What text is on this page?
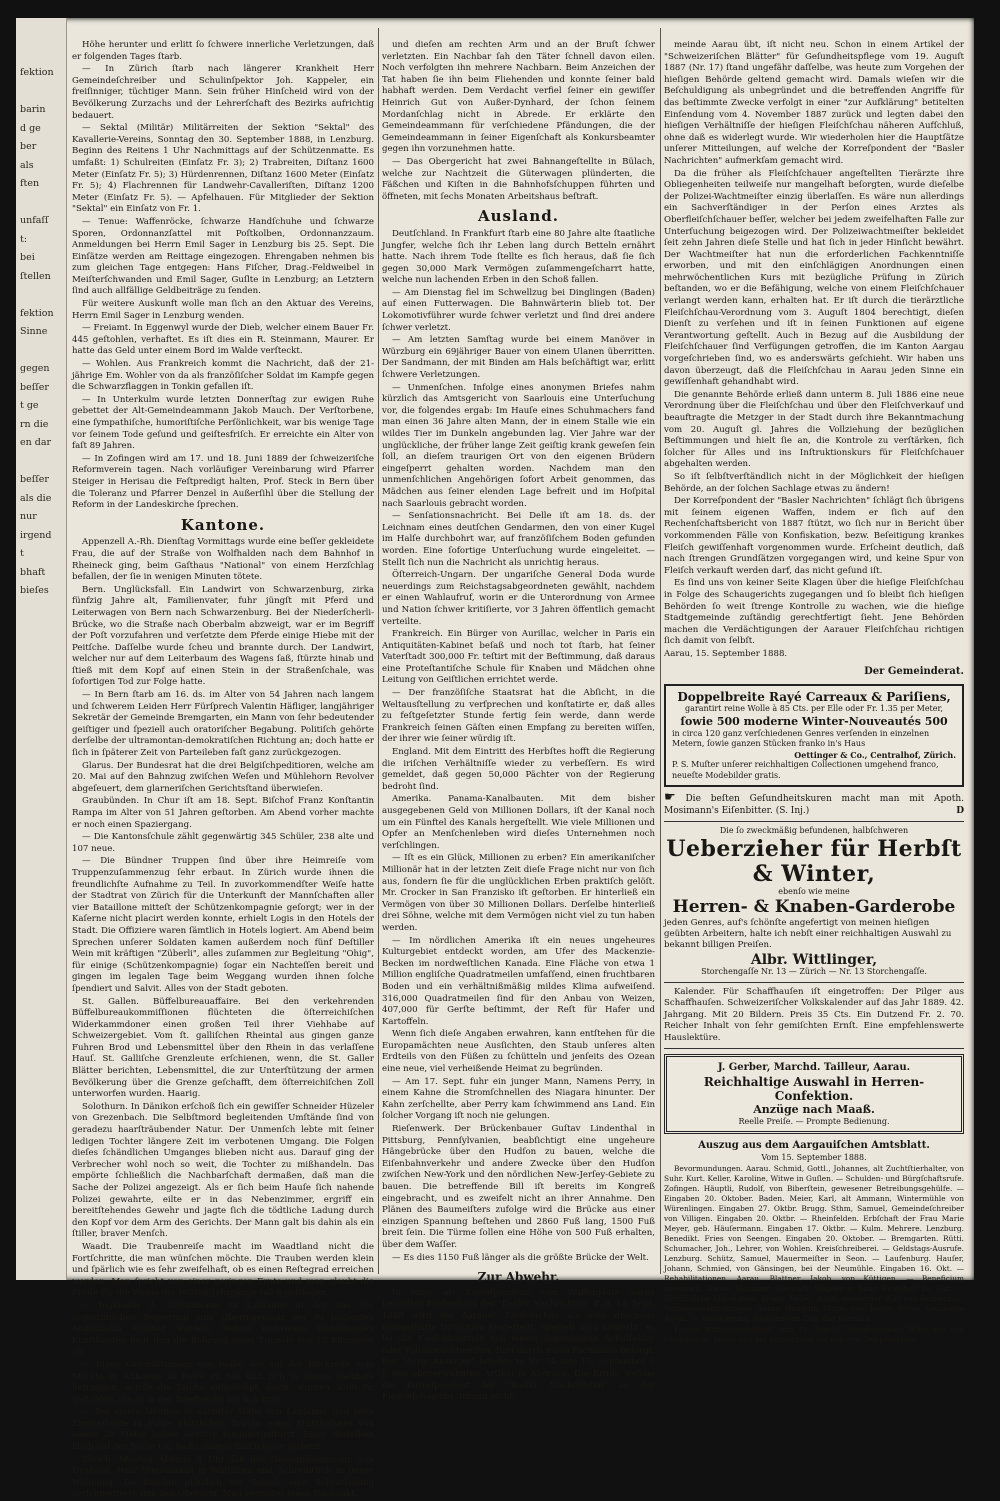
fektion

barin
d ge
ber
als
ften

unfaſſ
t:
bei
ſtellen

fektion
Sinne

gegen
beſſer
t ge
rn die
en dar

beſſer
als die
nur
irgend
t
bhaft
bieſes

Höhe herunter und erlitt ſo ſchwere innerliche Verletzungen, daß er folgenden Tages ſtarb.

— In Zürich ſtarb nach längerer Krankheit Herr Gemeindeſchreiber und Schulinſpektor Joh. Kappeler, ein freiſinniger, tüchtiger Mann. Sein früher Hinſcheid wird von der Bevölkerung Zurzachs und der Lehrerſchaft des Bezirks aufrichtig bedauert.

— Sektal (Militär) Militärreiten der Sektion "Sektal" des Kavallerie-Vereins, Sonntag den 30. September 1888, in Lenzburg. Beginn des Reitens 1 Uhr Nachmittags auf der Schützenmatte. Es umfaßt: 1) Schulreiten (Einſatz Fr. 3); 2) Trabreiten, Diſtanz 1600 Meter (Einſatz Fr. 5); 3) Hürdenrennen, Diſtanz 1600 Meter (Einſatz Fr. 5); 4) Flachrennen für Landwehr-Cavalleriſten, Diſtanz 1200 Meter (Einſatz Fr. 5). — Apfelhauen. Für Mitglieder der Sektion "Sektal" ein Einſatz von Fr. 1.

— Tenue: Waffenröcke, ſchwarze Handſchuhe und ſchwarze Sporen, Ordonnanzſattel mit Poſtkolben, Ordonnanzzaum. Anmeldungen bei Herrn Emil Sager in Lenzburg bis 25. Sept. Die Einſätze werden am Reittage eingezogen. Ehrengaben nehmen bis zum gleichen Tage entgegen: Hans Fiſcher, Drag.-Feldweibel in Meiſterſchwanden und Emil Sager, Guſlte in Lenzburg; an Letztern ſind auch allfällige Geldbeiträge zu ſenden.

Für weitere Auskunft wolle man ſich an den Aktuar des Vereins, Herrn Emil Sager in Lenzburg wenden.

— Freiamt. In Eggenwyl wurde der Dieb, welcher einem Bauer Fr. 445 geſtohlen, verhaftet. Es iſt dies ein R. Steinmann, Maurer. Er hatte das Geld unter einem Bord im Walde verſteckt.

— Wohlen. Aus Frankreich kommt die Nachricht, daß der 21-jährige Em. Wohler von da als franzöſiſcher Soldat im Kampfe gegen die Schwarzflaggen in Tonkin gefallen iſt.

— In Unterkulm wurde letzten Donnerſtag zur ewigen Ruhe gebettet der Alt-Gemeindeammann Jakob Mauch. Der Verſtorbene, eine ſympathiſche, humoriſtiſche Perſönlichkeit, war bis wenige Tage vor ſeinem Tode geſund und geiſtesfriſch. Er erreichte ein Alter von faſt 89 Jahren.

— In Zofingen wird am 17. und 18. Juni 1889 der ſchweizeriſche Reformverein tagen. Nach vorläufiger Vereinbarung wird Pfarrer Steiger in Herisau die Feſtpredigt halten, Prof. Steck in Bern über die Toleranz und Pfarrer Denzel in Außerſihl über die Stellung der Reform in der Landeskirche ſprechen.

Kantone.

Appenzell A.-Rh. Dienſtag Vormittags wurde eine beſſer gekleidete Frau, die auf der Straße von Wolfhalden nach dem Bahnhof in Rheineck ging, beim Gaſthaus "National" von einem Herzſchlag befallen, der ſie in wenigen Minuten tötete.

Bern. Unglücksfall. Ein Landwirt von Schwarzenburg, zirka fünfzig Jahre alt, Familienvater, fuhr jüngſt mit Pferd und Leiterwagen von Bern nach Schwarzenburg. Bei der Niederſcherli-Brücke, wo die Straße nach Oberbalm abzweigt, war er im Begriff der Poſt vorzufahren und verſetzte dem Pferde einige Hiebe mit der Peitſche. Daſſelbe wurde ſcheu und brannte durch. Der Landwirt, welcher nur auf dem Leiterbaum des Wagens ſaß, ſtürzte hinab und ſtieß mit dem Kopf auf einen Stein in der Straßenſchale, was ſofortigen Tod zur Folge hatte.

— In Bern ſtarb am 16. ds. im Alter von 54 Jahren nach langem und ſchwerem Leiden Herr Fürſprech Valentin Häfliger, langjähriger Sekretär der Gemeinde Bremgarten, ein Mann von ſehr bedeutender geiſtiger und ſpeziell auch oratoriſcher Begabung. Politiſch gehörte derſelbe der ultramontan-demokratiſchen Richtung an; doch hatte er ſich in ſpäterer Zeit von Parteileben faſt ganz zurückgezogen.

Glarus. Der Bundesrat hat die drei Belgiſchpeditioren, welche am 20. Mai auf den Bahnzug zwiſchen Weſen und Mühlehorn Revolver abgeſeuert, dem glarneriſchen Gerichtsſtand überwieſen.

Graubünden. In Chur iſt am 18. Sept. Biſchof Franz Konſtantin Rampa im Alter von 51 Jahren geſtorben. Am Abend vorher machte er noch einen Spaziergang.

— Die Kantonsſchule zählt gegenwärtig 345 Schüler, 238 alte und 107 neue.

— Die Bündner Truppen ſind über ihre Heimreiſe vom Truppenzuſammenzug ſehr erbaut. In Zürich wurde ihnen die freundlichſte Aufnahme zu Teil. In zuvorkommendſter Weiſe hatte der Stadtrat von Zürich für die Unterkunft der Mannſchaften aller vier Bataillone mitteſt der Schützenkompagnie geſorgt; wer in der Kaſerne nicht placirt werden konnte, erhielt Logis in den Hotels der Stadt. Die Offiziere waren ſämtlich in Hotels logiert. Am Abend beim Sprechen unſerer Soldaten kamen außerdem noch fünf Deſtiller Wein mit kräftigen "Züberli", alles zuſammen zur Begleitung "Ohig", für einige (Schützenkompagnie) ſogar ein Nachteſſen bereit und gingen im legalen Tage beim Weggang wurden ihnen ſolche ſpendiert und Salvit. Alles von der Stadt geboten.

St. Gallen. Büffelbureauaffaire. Bei den verkehrenden Büffelbureaukommiſſionen flüchteten die öſterreichiſchen Widerkammdoner einen großen Teil ihrer Viehhabe auf Schweizergebiet. Vom ſt. galliſchen Rheintal aus gingen ganze Fuhren Brod und Lebensmittel über den Rhein in das verlaſſene Hauſ. St. Galliſche Grenzleute erſchienen, wenn, die St. Galler Blätter berichten, Lebensmittel, die zur Unterſtützung der armen Bevölkerung über die Grenze geſchafft, dem öſterreichiſchen Zoll unterworfen wurden. Haarig.

Solothurn. In Dänikon erſchoß ſich ein gewiſſer Schneider Hüzeler von Grezenbach. Die Selbſtmord begleitenden Umſtände ſind von geradezu haarſträubender Natur. Der Unmenſch lebte mit ſeiner ledigen Tochter längere Zeit im verbotenen Umgang. Die Folgen dieſes ſchändlichen Umganges blieben nicht aus. Darauf ging der Verbrecher wohl noch so weit, die Tochter zu mißhandeln. Das empörte ſchließlich die Nachbarſchaft dermaßen, daß man die Sache der Polizei angezeigt. Als er ſich beim Hauſe ſich nahende Polizei gewahrte, eilte er in das Nebenzimmer, ergriff ein bereitſtehendes Gewehr und jagte ſich die tödtliche Ladung durch den Kopf vor dem Arm des Gerichts. Der Mann galt bis dahin als ein ſtiller, braver Menſch.

Waadt. Die Traubenreiſe macht im Waadtland nicht die Fortſchritte, die man wünſchen möchte. Die Trauben werden klein und ſpärlich wie es ſehr zweifelhaft, ob es einen Reſtegrad erreichen werden. Man ſpricht von einer geringen Ernte und man glaubt die Preiſe für die Weine der letzten Jahrgänge raſch geſtiegen.

— Ingenieur A. Schatzmann zu Lauſanne iſt der von der argentiniſchen Regierung zum Oberingenieur der zu bauenden Andenbahn ernannt worden. Neben mehrerem bedeutenden Kunſtbauten liegt ihm die Bohrung eines Tunnels von 12 Kilometer ob.

— Einen Geſchäftsmann von Rolle, der auf der Rückreiſe vom Markte in Aubonne in Bière zu tun und ſich in einem Gaſthofe betrunken, wurde die Taſche aufgeſtülpt, darin, wurden 3000 Fr. geſtohlen, die er in der Brieftaſche bei ſich trug.

— Bei einem Neubau in nächſter Nähe von Lauſanne ſind zehn Zimmerleute in Folge plötzlichen Bruchs eines Stützbalkens von einem 20 Meter hohen Gerüſte hinuntergeſtürzt. Einer derſelben blieb auf der Stelle tot, ſechs andere ſind ſchwer verletzt.

Zürich. Montag Abends 8 Uhr ſaß der Gemeindeammann von Dynhard, Herr Steinemann in Waltſiken und Schreibtiſch in ſeiner Wohnung. Da krachte plötzlich ein Schuß; eine Schrotladung zerſchmetterte ihm den Oberarm. Man vermutet einen Racheakt.

und dieſen am rechten Arm und an der Bruſt ſchwer verletzten. Ein Nachbar ſah den Täter ſchnell davon eilen. Noch verfolgten ihn mehrere Nachbarn. Beim Anzeichen der Tat haben ſie ihn beim Fliehenden und konnte ſeiner bald habhaft werden. Dem Verdacht verfiel ſeiner ein gewiſſer Heinrich Gut von Außer-Dynhard, der ſchon ſeinem Mordanſchlag nicht in Abrede. Er erklärte den Gemeindeammann für verſchiedene Pfändungen, die der Gemeindeammann in ſeiner Eigenſchaft als Konkursbeamter gegen ihn vorzunehmen hatte.

— Das Obergericht hat zwei Bahnangeſtellte in Bülach, welche zur Nachtzeit die Güterwagen plünderten, die Fäßchen und Kiſten in die Bahnhofsſchuppen führten und öffneten, mit ſechs Monaten Arbeitshaus beſtraft.

Ausland.

Deutſchland. In Frankfurt ſtarb eine 80 Jahre alte ſtaatliche Jungfer, welche ſich ihr Leben lang durch Betteln ernährt hatte. Nach ihrem Tode ſtellte es ſich heraus, daß ſie ſich gegen 30,000 Mark Vermögen zuſammengeſcharrt hatte, welche nun lachenden Erben in den Schoß fallen.

— Am Dienstag fiel im Schwellzug bei Dinglingen (Baden) auf einen Futterwagen. Die Bahnwärterin blieb tot. Der Lokomotivführer wurde ſchwer verletzt und ſind drei andere ſchwer verletzt.

— Am letzten Samſtag wurde bei einem Manöver in Würzburg ein 69jähriger Bauer von einem Ulanen überritten. Der Sandmann, der mit Binden am Hals beſchäftigt war, erlitt ſchwere Verletzungen.

— Unmenſchen. Infolge eines anonymen Briefes nahm kürzlich das Amtsgericht von Saarlouis eine Unterſuchung vor, die folgendes ergab: Im Hauſe eines Schuhmachers fand man einen 36 Jahre alten Mann, der in einem Stalle wie ein wildes Tier im Dunkeln angebunden lag. Vier Jahre war der unglückliche, der früher lange Zeit geiſtig krank geweſen ſein ſoll, an dieſem traurigen Ort von den eigenen Brüdern eingeſperrt gehalten worden. Nachdem man den unmenſchlichen Angehörigen ſofort Arbeit genommen, das Mädchen aus ſeiner elenden Lage befreit und im Hoſpital nach Saarlouis gebracht worden.

— Senſationsnachricht. Bei Delle iſt am 18. ds. der Leichnam eines deutſchen Gendarmen, den von einer Kugel im Halſe durchbohrt war, auf franzöſiſchem Boden gefunden worden. Eine ſofortige Unterſuchung wurde eingeleitet. — Stellt ſich nun die Nachricht als unrichtig heraus.

Öſterreich-Ungarn. Der ungariſche General Doda wurde neuerdings zum Reichstagsabgeordneten gewählt, nachdem er einen Wahlaufruf, worin er die Unterordnung von Armee und Nation ſchwer kritiſierte, vor 3 Jahren öffentlich gemacht verteilte.

Frankreich. Ein Bürger von Aurillac, welcher in Paris ein Antiquitäten-Kabinet beſaß und noch tot ſtarb, hat ſeiner Vaterſtadt 300,000 Fr. teſtirt mit der Beſtimmung, daß daraus eine Proteſtantiſche Schule für Knaben und Mädchen ohne Leitung von Geiſtlichen errichtet werde.

— Der franzöſiſche Staatsrat hat die Abſicht, in die Weltausſtellung zu verſprechen und konſtatirte er, daß alles zu feſtgeſetzter Stunde fertig ſein werde, dann werde Frankreich ſeinen Gäſten einen Empfang zu bereiten wiſſen, der ihrer wie ſeiner würdig iſt.

England. Mit dem Eintritt des Herbſtes hofft die Regierung die iriſchen Verhältniſſe wieder zu verbeſſern. Es wird gemeldet, daß gegen 50,000 Pächter von der Regierung bedroht ſind.

Amerika. Panama-Kanalbauten. Mit dem bisher ausgegebenen Geld von Millionen Dollars, iſt der Kanal noch um ein Fünftel des Kanals hergeſtellt. Wie viele Millionen und Opfer an Menſchenleben wird dieſes Unternehmen noch verſchlingen.

— Iſt es ein Glück, Millionen zu erben? Ein amerikaniſcher Millionär hat in der letzten Zeit dieſe Frage nicht nur von ſich aus, ſondern ſie für die unglücklichen Erben praktiſch gelöſt. Mr. Crocker in San Franzisko iſt geſtorben. Er hinterließ ein Vermögen von über 30 Millionen Dollars. Derſelbe hinterließ drei Söhne, welche mit dem Vermögen nicht viel zu tun haben werden.

— Im nördlichen Amerika iſt ein neues ungeheures Kulturgebiet entdeckt worden, am Ufer des Mackenzie-Becken im nordweſtlichen Kanada. Eine Fläche von etwa 1 Million engliſche Quadratmeilen umfaſſend, einen fruchtbaren Boden und ein verhältnißmäßig mildes Klima aufweiſend. 316,000 Quadratmeilen ſind für den Anbau von Weizen, 407,000 für Gerſte beſtimmt, der Reſt für Hafer und Kartoffeln.

Wenn ſich dieſe Angaben erwahren, kann entſtehen für die Europamächten neue Ausſichten, den Staub unſeres alten Erdteils von den Füßen zu ſchütteln und jenſeits des Ozean eine neue, viel verheißende Heimat zu begründen.

— Am 17. Sept. fuhr ein junger Mann, Namens Perry, in einem Kahne die Stromſchnellen des Niagara hinunter. Der Kahn zerſchellte, aber Perry kam ſchwimmend ans Land. Ein ſolcher Vorgang iſt noch nie gelungen.

Rieſenwerk. Der Brückenbauer Guſtav Lindenthal in Pittsburg, Pennſylvanien, beabſichtigt eine ungeheure Hängebrücke über den Hudſon zu bauen, welche die Eiſenbahnverkehr und andere Zwecke über den Hudſon zwiſchen New-York und den nördlichen New-Jerſey-Gebiete zu bauen. Die betreffende Bill iſt bereits im Kongreß eingebracht, und es zweifelt nicht an ihrer Annahme. Den Plänen des Baumeiſters zufolge wird die Brücke aus einer einzigen Spannung beſtehen und 2860 Fuß lang, 1500 Fuß breit ſein. Die Türme ſollen eine Höhe von 500 Fuß erhalten, über dem Waſſer.

— Es dies 1150 Fuß länger als die größte Brücke der Welt.

Zur Abwehr.

In einer als Korreſpondenz vom Waffenplatz Aarau betitelten Einſendung der "Basler Nachrichten" d. d. 13. Sept. 1888 wird die Aarauer Fleiſchſchau als eine durchaus mangelhafte Inſtitution hingeſtellt. Speziell wird bemerkt, es ſei die Fleiſchkontrole von einem ſogenannten Schulfaktor oder Polizeiwachtmeiſter, ſtatt durch einen Fachmann beſorgt. Der "Aarg. Anzeiger" brachte in Nr. 74 vom 15. September l. J. den obenerwähnten Artikel in Abdruck. Die Kritik, welche die Korreſpondent der "Basler Nachrichten" an der Fleiſchſchau übt, ſtimmt nicht.

meinde Aarau übt, iſt nicht neu. Schon in einem Artikel der "Schweizeriſchen Blätter" für Geſundheitspflege vom 19. Auguſt 1887 (Nr. 17) ſtand ungefähr daſſelbe, was heute zum Vorgehen der hieſigen Behörde geltend gemacht wird. Damals wieſen wir die Beſchuldigung als unbegründet und die betreffenden Angriffe für das beſtimmte Zwecke verfolgt in einer "zur Aufklärung" betitelten Einſendung vom 4. November 1887 zurück und legten dabei den hieſigen Verhältniſſe der hieſigen Fleiſchſchau näheren Aufſchluß, ohne daß es widerlegt wurde. Wir wiederholen hier die Hauptſätze unſerer Mitteilungen, auf welche der Korreſpondent der "Basler Nachrichten" aufmerkſam gemacht wird.

Da die früher als Fleiſchſchauer angeſtellten Tierärzte ihre Obliegenheiten teilweiſe nur mangelhaft beſorgten, wurde dieſelbe der Polizei-Wachtmeiſter einzig überlaſſen. Es wäre nun allerdings ein Sachverſtändiger in der Perſon eines Arztes als Oberfleiſchſchauer beſſer, welcher bei jedem zweifelhaften Falle zur Unterſuchung beigezogen wird. Der Polizeiwachtmeiſter bekleidet ſeit zehn Jahren dieſe Stelle und hat ſich in jeder Hinſicht bewährt. Der Wachtmeiſter hat nun die erforderlichen Fachkenntniſſe erworben, und mit den einſchlägigen Anordnungen einen mehrwöchentlichen Kurs mit bezügliche Prüfung in Zürich beſtanden, wo er die Befähigung, welche von einem Fleiſchſchauer verlangt werden kann, erhalten hat. Er iſt durch die tierärztliche Fleiſchſchau-Verordnung vom 3. Auguſt 1804 berechtigt, dieſen Dienſt zu verſehen und iſt in ſeinen Funktionen auf eigene Verantwortung geſtellt. Auch in Bezug auf die Ausbildung der Fleiſchſchauer ſind Verfügungen getroffen, die im Kanton Aargau vorgeſchrieben ſind, wo es anderswärts geſchieht. Wir haben uns davon überzeugt, daß die Fleiſchſchau in Aarau jeden Sinne ein gewiſſenhaft gehandhabt wird.

Die genannte Behörde erließ dann unterm 8. Juli 1886 eine neue Verordnung über die Fleiſchſchau und über den Fleiſchverkauf und beauftragte die Metzger in der Stadt durch ihre Bekanntmachung vom 20. Auguſt gl. Jahres die Vollziehung der bezüglichen Beſtimmungen und hielt ſie an, die Kontrole zu verſtärken, ſich ſolcher für Alles und ins Inſtruktionskurs für Fleiſchſchauer abgehalten werden.

So iſt ſelbſtverſtändlich nicht in der Möglichkeit der hieſigen Behörde, an der ſolchen Sachlage etwas zu ändern!

Der Korreſpondent der "Basler Nachrichten" ſchlägt ſich übrigens mit ſeinem eigenen Waffen, indem er ſich auf den Rechenſchaftsbericht von 1887 ſtützt, wo ſich nur in Bericht über vorkommenden Fälle von Konfiskation, bezw. Beſeitigung krankes Fleiſch gewiſſenhaft vorgenommen wurde. Erſcheint deutlich, daß nach ſtrengen Grundſätzen vorgegangen wird, und keine Spur von Fleiſch verkauft werden darf, das nicht geſund iſt.

Es ſind uns von keiner Seite Klagen über die hieſige Fleiſchſchau in Folge des Schaugerichts zugegangen und ſo bleibt ſich hieſigen Behörden ſo weit ſtrenge Kontrolle zu wachen, wie die hieſige Stadtgemeinde zuſtändig gerechtfertigt ſieht. Jene Behörden machen die Verdächtigungen der Aarauer Fleiſchſchau richtigen ſich damit von ſelbſt.

Aarau, 15. September 1888.

Der Gemeinderat.
Doppelbreite Rayé Carreaux & Pariſiens,
garantirt reine Wolle à 85 Cts. per Elle oder Fr. 1.35 per Meter,
ſowie 500 moderne Winter-Nouveautés 500
in circa 120 ganz verſchiedenen Genres verſenden in einzelnen Metern, ſowie ganzen Stücken franko in's Haus
Oettinger & Co., Centralhof, Zürich.
P. S. Muſter unſerer reichhaltigen Collectionen umgehend franco, neueſte Modebilder gratis.
☛ Die beſten Geſundheitskuren macht man mit Apoth. Mosimann's Eiſenbitter. (S. Inj.)	D
Die ſo zweckmäßig befundenen, halbſchweren
Ueberzieher für Herbſt & Winter,
ebenſo wie meine
Herren- & Knaben-Garderobe
jeden Genres, auf's ſchönſte angefertigt von meinen hieſigen geübten Arbeitern, halte ich nebſt einer reichhaltigen Auswahl zu bekannt billigen Preiſen.
Albr. Wittlinger,
Storchengaſſe Nr. 13 — Zürich — Nr. 13 Storchengaſſe.

Kalender. Für Schaffhauſen iſt eingetroffen: Der Pilger aus Schaffhauſen. Schweizeriſcher Volkskalender auf das Jahr 1889. 42. Jahrgang. Mit 20 Bildern. Preis 35 Cts. Ein Dutzend Fr. 2. 70. Reicher Inhalt von ſehr gemiſchten Ernſt. Eine empfehlenswerte Hauslektüre.

J. Gerber, Marchd. Tailleur, Aarau.
Reichhaltige Auswahl in Herren-Confektion.
Anzüge nach Maaß.
Reelle Preiſe. — Prompte Bedienung.
Auszug aus dem Aargauiſchen Amtsblatt.
Vom 15. September 1888.

Bevormundungen. Aarau. Schmid, Gottl., Johannes, alt Zuchtſtierhalter, von Suhr. Kurt. Keller, Karoline, Witwe in Guſlen. — Schulden- und Bürgſchaftsrufe. Zofingen. Häuptli, Rudolf, von Biberſtein, gewesener Betreibungsgehülfe. — Eingaben 20. Oktober. Baden. Meier, Karl, alt Ammann, Wintermühle von Würenlingen. Eingaben 27. Oktbr. Brugg. Sthm, Samuel, Gemeindeſchreiber von Villigen. Eingaben 20. Oktbr. — Rheinfelden. Erbſchaft der Frau Marie Meyer, geb. Häuſermann. Eingaben 17. Oktbr. — Kulm. Mehrere. Lenzburg. Benedikt. Fries von Seengen. Eingaben 20. Oktober. — Bremgarten. Rütti. Schumacher, Joh., Lehrer, von Wohlen. Kreisſchreiberei. — Geldstags-Ausrufe. Lenzburg. Schütz, Samuel, Mauermeiſter in Seon. — Laufenburg. Hauſer, Johann, Schmied, von Gänsingen, bei der Neumühle. Eingaben 16. Okt. — Rehabilitationen. Aarau. Blattner, Jakob, von Küttigen. — Beneficium Inventarii. Aarau. Hunziker, Heinrich, Wagner in Suhr. Eingaben 16. Okt. — Gerichtliche Liquidation. Brugg. Keller, Adolf, gewesener Wirt von Bözberg. — Vermögensabtretungen. Aarau. Hauptlin, Marie, geb. Koller, Witwe, Gemeinde Aarau. — Auslieferung. Dieſelbe von Zug. Zur Kenntnis.

Pariſer Witterungsbericht vom 21. Septbr. Wahrſcheinlich Wind aus den Oſtregionen, heiter und bei hinreichend bei höheren Temperaturen.
